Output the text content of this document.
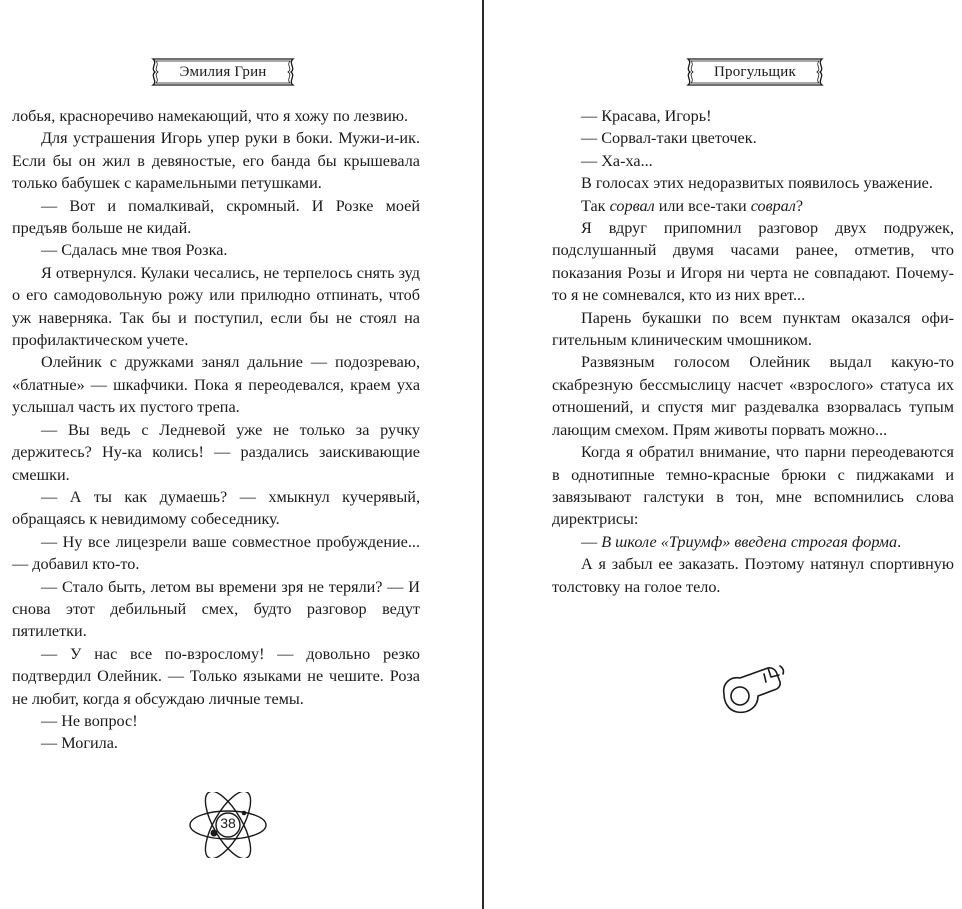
Эмилия Грин

лобья, красноречиво намекающий, что я хожу по лезвию.

Для устрашения Игорь упер руки в боки. Мужи-и-ик. Если бы он жил в девяностые, его банда бы крышевала только бабушек с карамельными петушками.

— Вот и помалкивай, скромный. И Розке моей предъяв больше не кидай.

— Сдалась мне твоя Розка.

Я отвернулся. Кулаки чесались, не терпелось снять зуд о его самодовольную рожу или прилюдно отпинать, чтоб уж наверняка. Так бы и поступил, если бы не стоял на профилактическом учете.

Олейник с дружками занял дальние — подозреваю, «блатные» — шкафчики. Пока я переодевался, краем уха услышал часть их пустого трепа.

— Вы ведь с Ледневой уже не только за ручку держитесь? Ну-ка колись! — раздались заискивающие смешки.

— А ты как думаешь? — хмыкнул кучерявый, обращаясь к невидимому собеседнику.

— Ну все лицезрели ваше совместное пробуждение... — добавил кто-то.

— Стало быть, летом вы времени зря не теряли? — И снова этот дебильный смех, будто разговор ведут пятилетки.

— У нас все по-взрослому! — довольно резко подтвердил Олейник. — Только языками не чешите. Роза не любит, когда я обсуждаю личные темы.

— Не вопрос!

— Могила.

38
Прогульщик

— Красава, Игорь!

— Сорвал-таки цветочек.

— Ха-ха...

В голосах этих недоразвитых появилось уважение.

Так сорвал или все-таки соврал?

Я вдруг припомнил разговор двух подружек, подслушанный двумя часами ранее, отметив, что показания Розы и Игоря ни черта не совпадают. Почему-то я не сомневался, кто из них врет...

Парень букашки по всем пунктам оказался офигительным клиническим чмошником.

Развязным голосом Олейник выдал какую-то скабрезную бессмыслицу насчет «взрослого» статуса их отношений, и спустя миг раздевалка взорвалась тупым лающим смехом. Прям животы порвать можно...

Когда я обратил внимание, что парни переодеваются в однотипные темно-красные брюки с пиджаками и завязывают галстуки в тон, мне вспомнились слова директрисы:

— В школе «Триумф» введена строгая форма.

А я забыл ее заказать. Поэтому натянул спортивную толстовку на голое тело.
